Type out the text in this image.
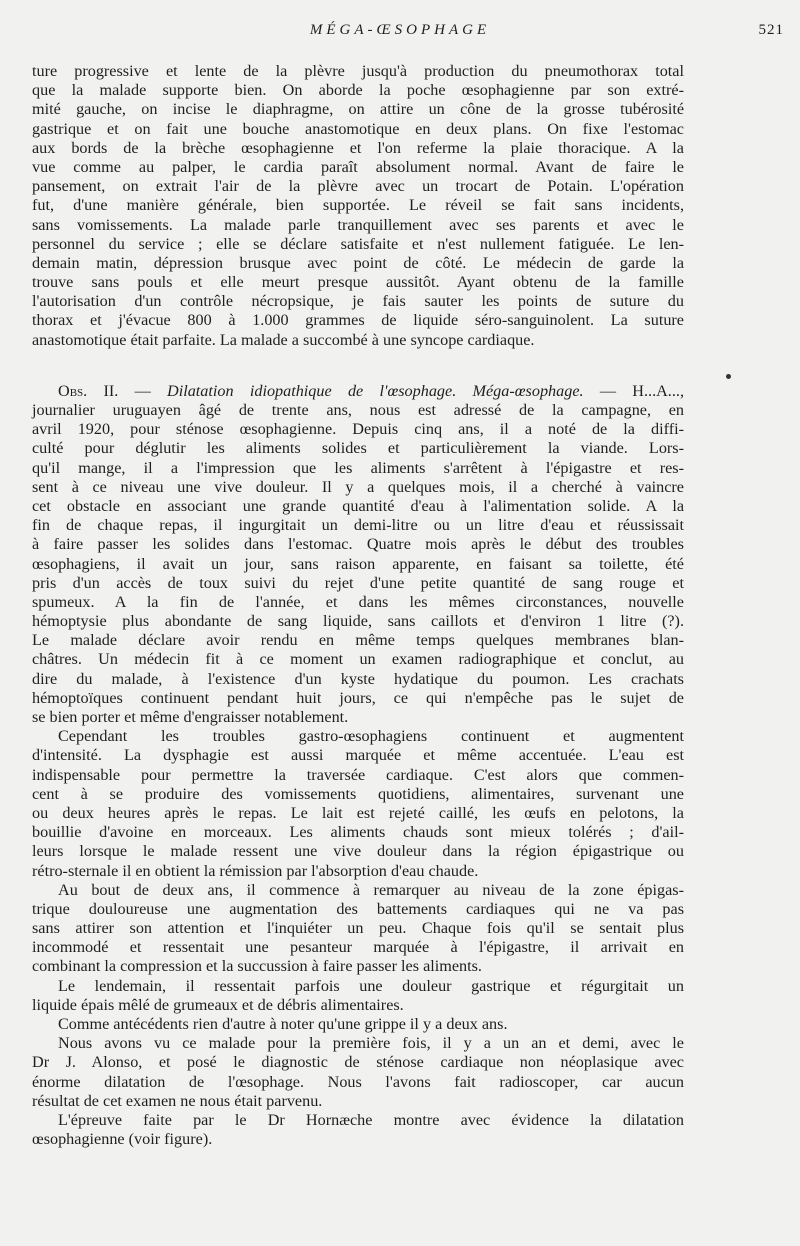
MÉGA-ŒSOPHAGE	521
ture progressive et lente de la plèvre jusqu'à production du pneumothorax total
que la malade supporte bien. On aborde la poche œsophagienne par son extré-
mité gauche, on incise le diaphragme, on attire un cône de la grosse tubérosité
gastrique et on fait une bouche anastomotique en deux plans. On fixe l'estomac
aux bords de la brèche œsophagienne et l'on referme la plaie thoracique. A la
vue comme au palper, le cardia paraît absolument normal. Avant de faire le
pansement, on extrait l'air de la plèvre avec un trocart de Potain. L'opération
fut, d'une manière générale, bien supportée. Le réveil se fait sans incidents,
sans vomissements. La malade parle tranquillement avec ses parents et avec le
personnel du service ; elle se déclare satisfaite et n'est nullement fatiguée. Le len-
demain matin, dépression brusque avec point de côté. Le médecin de garde la
trouve sans pouls et elle meurt presque aussitôt. Ayant obtenu de la famille
l'autorisation d'un contrôle nécropsique, je fais sauter les points de suture du
thorax et j'évacue 800 à 1.000 grammes de liquide séro-sanguinolent. La suture
anastomotique était parfaite. La malade a succombé à une syncope cardiaque.
Obs. II. — Dilatation idiopathique de l'œsophage. Méga-œsophage. — H...A...,
journalier uruguayen âgé de trente ans, nous est adressé de la campagne, en
avril 1920, pour sténose œsophagienne. Depuis cinq ans, il a noté de la diffi-
culté pour déglutir les aliments solides et particulièrement la viande. Lors-
qu'il mange, il a l'impression que les aliments s'arrêtent à l'épigastre et res-
sent à ce niveau une vive douleur. Il y a quelques mois, il a cherché à vaincre
cet obstacle en associant une grande quantité d'eau à l'alimentation solide. A la
fin de chaque repas, il ingurgitait un demi-litre ou un litre d'eau et réussissait
à faire passer les solides dans l'estomac. Quatre mois après le début des troubles
œsophagiens, il avait un jour, sans raison apparente, en faisant sa toilette, été
pris d'un accès de toux suivi du rejet d'une petite quantité de sang rouge et
spumeux. A la fin de l'année, et dans les mêmes circonstances, nouvelle
hémoptysie plus abondante de sang liquide, sans caillots et d'environ 1 litre (?).
Le malade déclare avoir rendu en même temps quelques membranes blan-
châtres. Un médecin fit à ce moment un examen radiographique et conclut, au
dire du malade, à l'existence d'un kyste hydatique du poumon. Les crachats
hémoptoïques continuent pendant huit jours, ce qui n'empêche pas le sujet de
se bien porter et même d'engraisser notablement.
Cependant les troubles gastro-œsophagiens continuent et augmentent
d'intensité. La dysphagie est aussi marquée et même accentuée. L'eau est
indispensable pour permettre la traversée cardiaque. C'est alors que commen-
cent à se produire des vomissements quotidiens, alimentaires, survenant une
ou deux heures après le repas. Le lait est rejeté caillé, les œufs en pelotons, la
bouillie d'avoine en morceaux. Les aliments chauds sont mieux tolérés ; d'ail-
leurs lorsque le malade ressent une vive douleur dans la région épigastrique ou
rétro-sternale il en obtient la rémission par l'absorption d'eau chaude.
Au bout de deux ans, il commence à remarquer au niveau de la zone épigas-
trique douloureuse une augmentation des battements cardiaques qui ne va pas
sans attirer son attention et l'inquiéter un peu. Chaque fois qu'il se sentait plus
incommodé et ressentait une pesanteur marquée à l'épigastre, il arrivait en
combinant la compression et la succussion à faire passer les aliments.
Le lendemain, il ressentait parfois une douleur gastrique et régurgitait un
liquide épais mêlé de grumeaux et de débris alimentaires.
Comme antécédents rien d'autre à noter qu'une grippe il y a deux ans.
Nous avons vu ce malade pour la première fois, il y a un an et demi, avec le
Dr J. Alonso, et posé le diagnostic de sténose cardiaque non néoplasique avec
énorme dilatation de l'œsophage. Nous l'avons fait radioscoper, car aucun
résultat de cet examen ne nous était parvenu.
L'épreuve faite par le Dr Hornæche montre avec évidence la dilatation
œsophagienne (voir figure).
